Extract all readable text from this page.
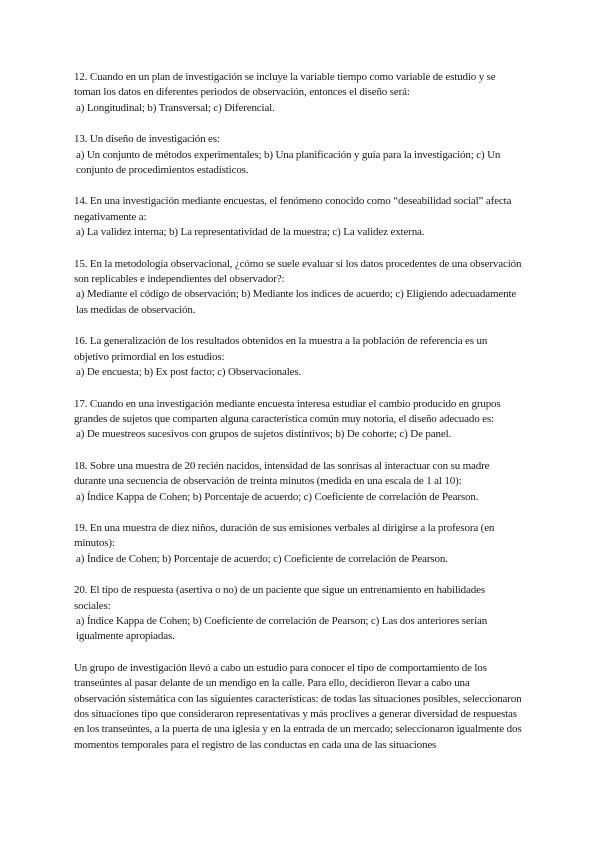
12. Cuando en un plan de investigación se incluye la variable tiempo como variable de estudio y se toman los datos en diferentes periodos de observación, entonces el diseño será:

a) Longitudinal; b) Transversal; c) Diferencial.

13. Un diseño de investigación es:

a) Un conjunto de métodos experimentales; b) Una planificación y guía para la investigación; c) Un conjunto de procedimientos estadísticos.

14. En una investigación mediante encuestas, el fenómeno conocido como “deseabilidad social” afecta negativamente a:

a) La validez interna; b) La representatividad de la muestra; c) La validez externa.

15. En la metodología observacional, ¿cómo se suele evaluar si los datos procedentes de una observación son replicables e independientes del observador?:

a) Mediante el código de observación; b) Mediante los índices de acuerdo; c) Eligiendo adecuadamente las medidas de observación.

16. La generalización de los resultados obtenidos en la muestra a la población de referencia es un objetivo primordial en los estudios:

a) De encuesta; b) Ex post facto; c) Observacionales.

17. Cuando en una investigación mediante encuesta interesa estudiar el cambio producido en grupos grandes de sujetos que comparten alguna característica común muy notoria, el diseño adecuado es:

a) De muestreos sucesivos con grupos de sujetos distintivos; b) De cohorte; c) De panel.

18. Sobre una muestra de 20 recién nacidos, intensidad de las sonrisas al interactuar con su madre durante una secuencia de observación de treinta minutos (medida en una escala de 1 al 10):

a) Índice Kappa de Cohen; b) Porcentaje de acuerdo; c) Coeficiente de correlación de Pearson.

19. En una muestra de diez niños, duración de sus emisiones verbales al dirigirse a la profesora (en minutos):

a) Índice de Cohen; b) Porcentaje de acuerdo; c) Coeficiente de correlación de Pearson.

20. El tipo de respuesta (asertiva o no) de un paciente que sigue un entrenamiento en habilidades sociales:

a) Índice Kappa de Cohen; b) Coeficiente de correlación de Pearson; c) Las dos anteriores serían igualmente apropiadas.

Un grupo de investigación llevó a cabo un estudio para conocer el tipo de comportamiento de los transeúntes al pasar delante de un mendigo en la calle. Para ello, decidieron llevar a cabo una observación sistemática con las siguientes características: de todas las situaciones posibles, seleccionaron dos situaciones tipo que consideraron representativas y más proclives a generar diversidad de respuestas en los transeúntes, a la puerta de una iglesia y en la entrada de un mercado; seleccionaron igualmente dos momentos temporales para el registro de las conductas en cada una de las situaciones
